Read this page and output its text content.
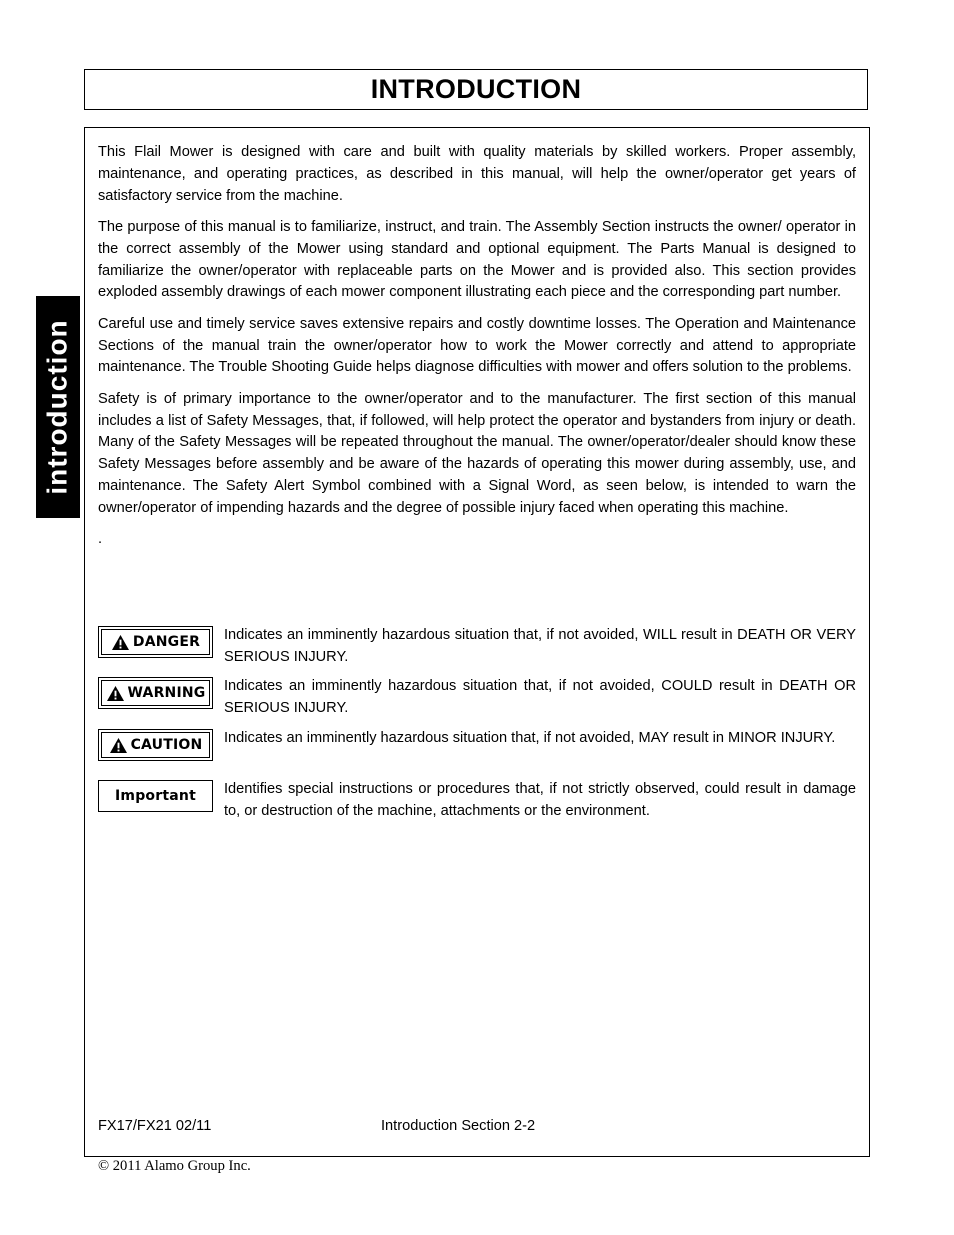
INTRODUCTION
introduction

This Flail Mower is designed with care and built with quality materials by skilled workers. Proper assembly, maintenance, and operating practices, as described in this manual, will help the owner/operator get years of satisfactory service from the machine.

The purpose of this manual is to familiarize, instruct, and train. The Assembly Section instructs the owner/ operator in the correct assembly of the Mower using standard and optional equipment. The Parts Manual is designed to familiarize the owner/operator with replaceable parts on the Mower and is provided also. This section provides exploded assembly drawings of each mower component illustrating each piece and the corresponding part number.

Careful use and timely service saves extensive repairs and costly downtime losses. The Operation and Maintenance Sections of the manual train the owner/operator how to work the Mower correctly and attend to appropriate maintenance. The Trouble Shooting Guide helps diagnose difficulties with mower and offers solution to the problems.

Safety is of primary importance to the owner/operator and to the manufacturer. The first section of this manual includes a list of Safety Messages, that, if followed, will help protect the operator and bystanders from injury or death. Many of the Safety Messages will be repeated throughout the manual. The owner/operator/dealer should know these Safety Messages before assembly and be aware of the hazards of operating this mower during assembly, use, and maintenance. The Safety Alert Symbol combined with a Signal Word, as seen below, is intended to warn the owner/operator of impending hazards and the degree of possible injury faced when operating this machine.

.

DANGER Indicates an imminently hazardous situation that, if not avoided, WILL result in DEATH OR VERY SERIOUS INJURY.
WARNING Indicates an imminently hazardous situation that, if not avoided, COULD result in DEATH OR SERIOUS INJURY.
CAUTION Indicates an imminently hazardous situation that, if not avoided, MAY result in MINOR INJURY.
Important Identifies special instructions or procedures that, if not strictly observed, could result in damage to, or destruction of the machine, attachments or the environment.
FX17/FX21 02/11	Introduction Section 2-2
© 2011 Alamo Group Inc.
